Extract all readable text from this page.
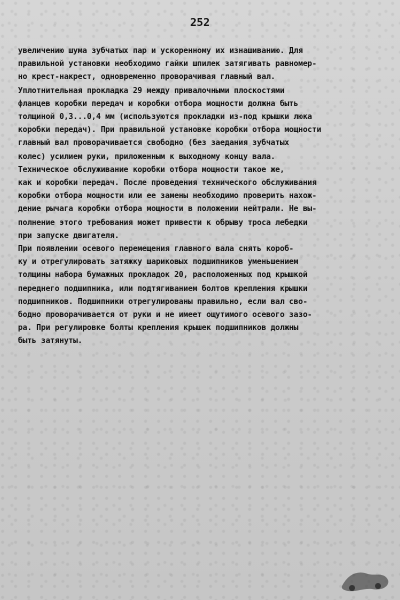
252

увеличению шума зубчатых пар и ускоренному их изнашиванию. Для
правильной установки необходимо гайки шпилек затягивать равномер-
но крест-накрест, одновременно проворачивая главный вал.

Уплотнительная прокладка 29 между привалочными плоскостями
фланцев коробки передач и коробки отбора мощности должна быть
толщиной 0,3...0,4 мм (используются прокладки из-под крышки люка
коробки передач). При правильной установке коробки отбора мощности
главный вал проворачивается свободно (без заедания зубчатых
колес) усилием руки, приложенным к выходному концу вала.

Техническое обслуживание коробки отбора мощности такое же,
как и коробки передач. После проведения технического обслуживания
коробки отбора мощности или ее замены необходимо проверить нахож-
дение рычага коробки отбора мощности в положении нейтрали. Не вы-
полнение этого требования может привести к обрыву троса лебедки
при запуске двигателя.

При появлении осевого перемещения главного вала снять короб-
ку и отрегулировать затяжку шариковых подшипников уменьшением
толщины набора бумажных прокладок 20, расположенных под крышкой
переднего подшипника, или подтягиванием болтов крепления крышки
подшипников. Подшипники отрегулированы правильно, если вал сво-
бодно проворачивается от руки и не имеет ощутимого осевого зазо-
ра. При регулировке болты крепления крышек подшипников должны
быть затянуты.
